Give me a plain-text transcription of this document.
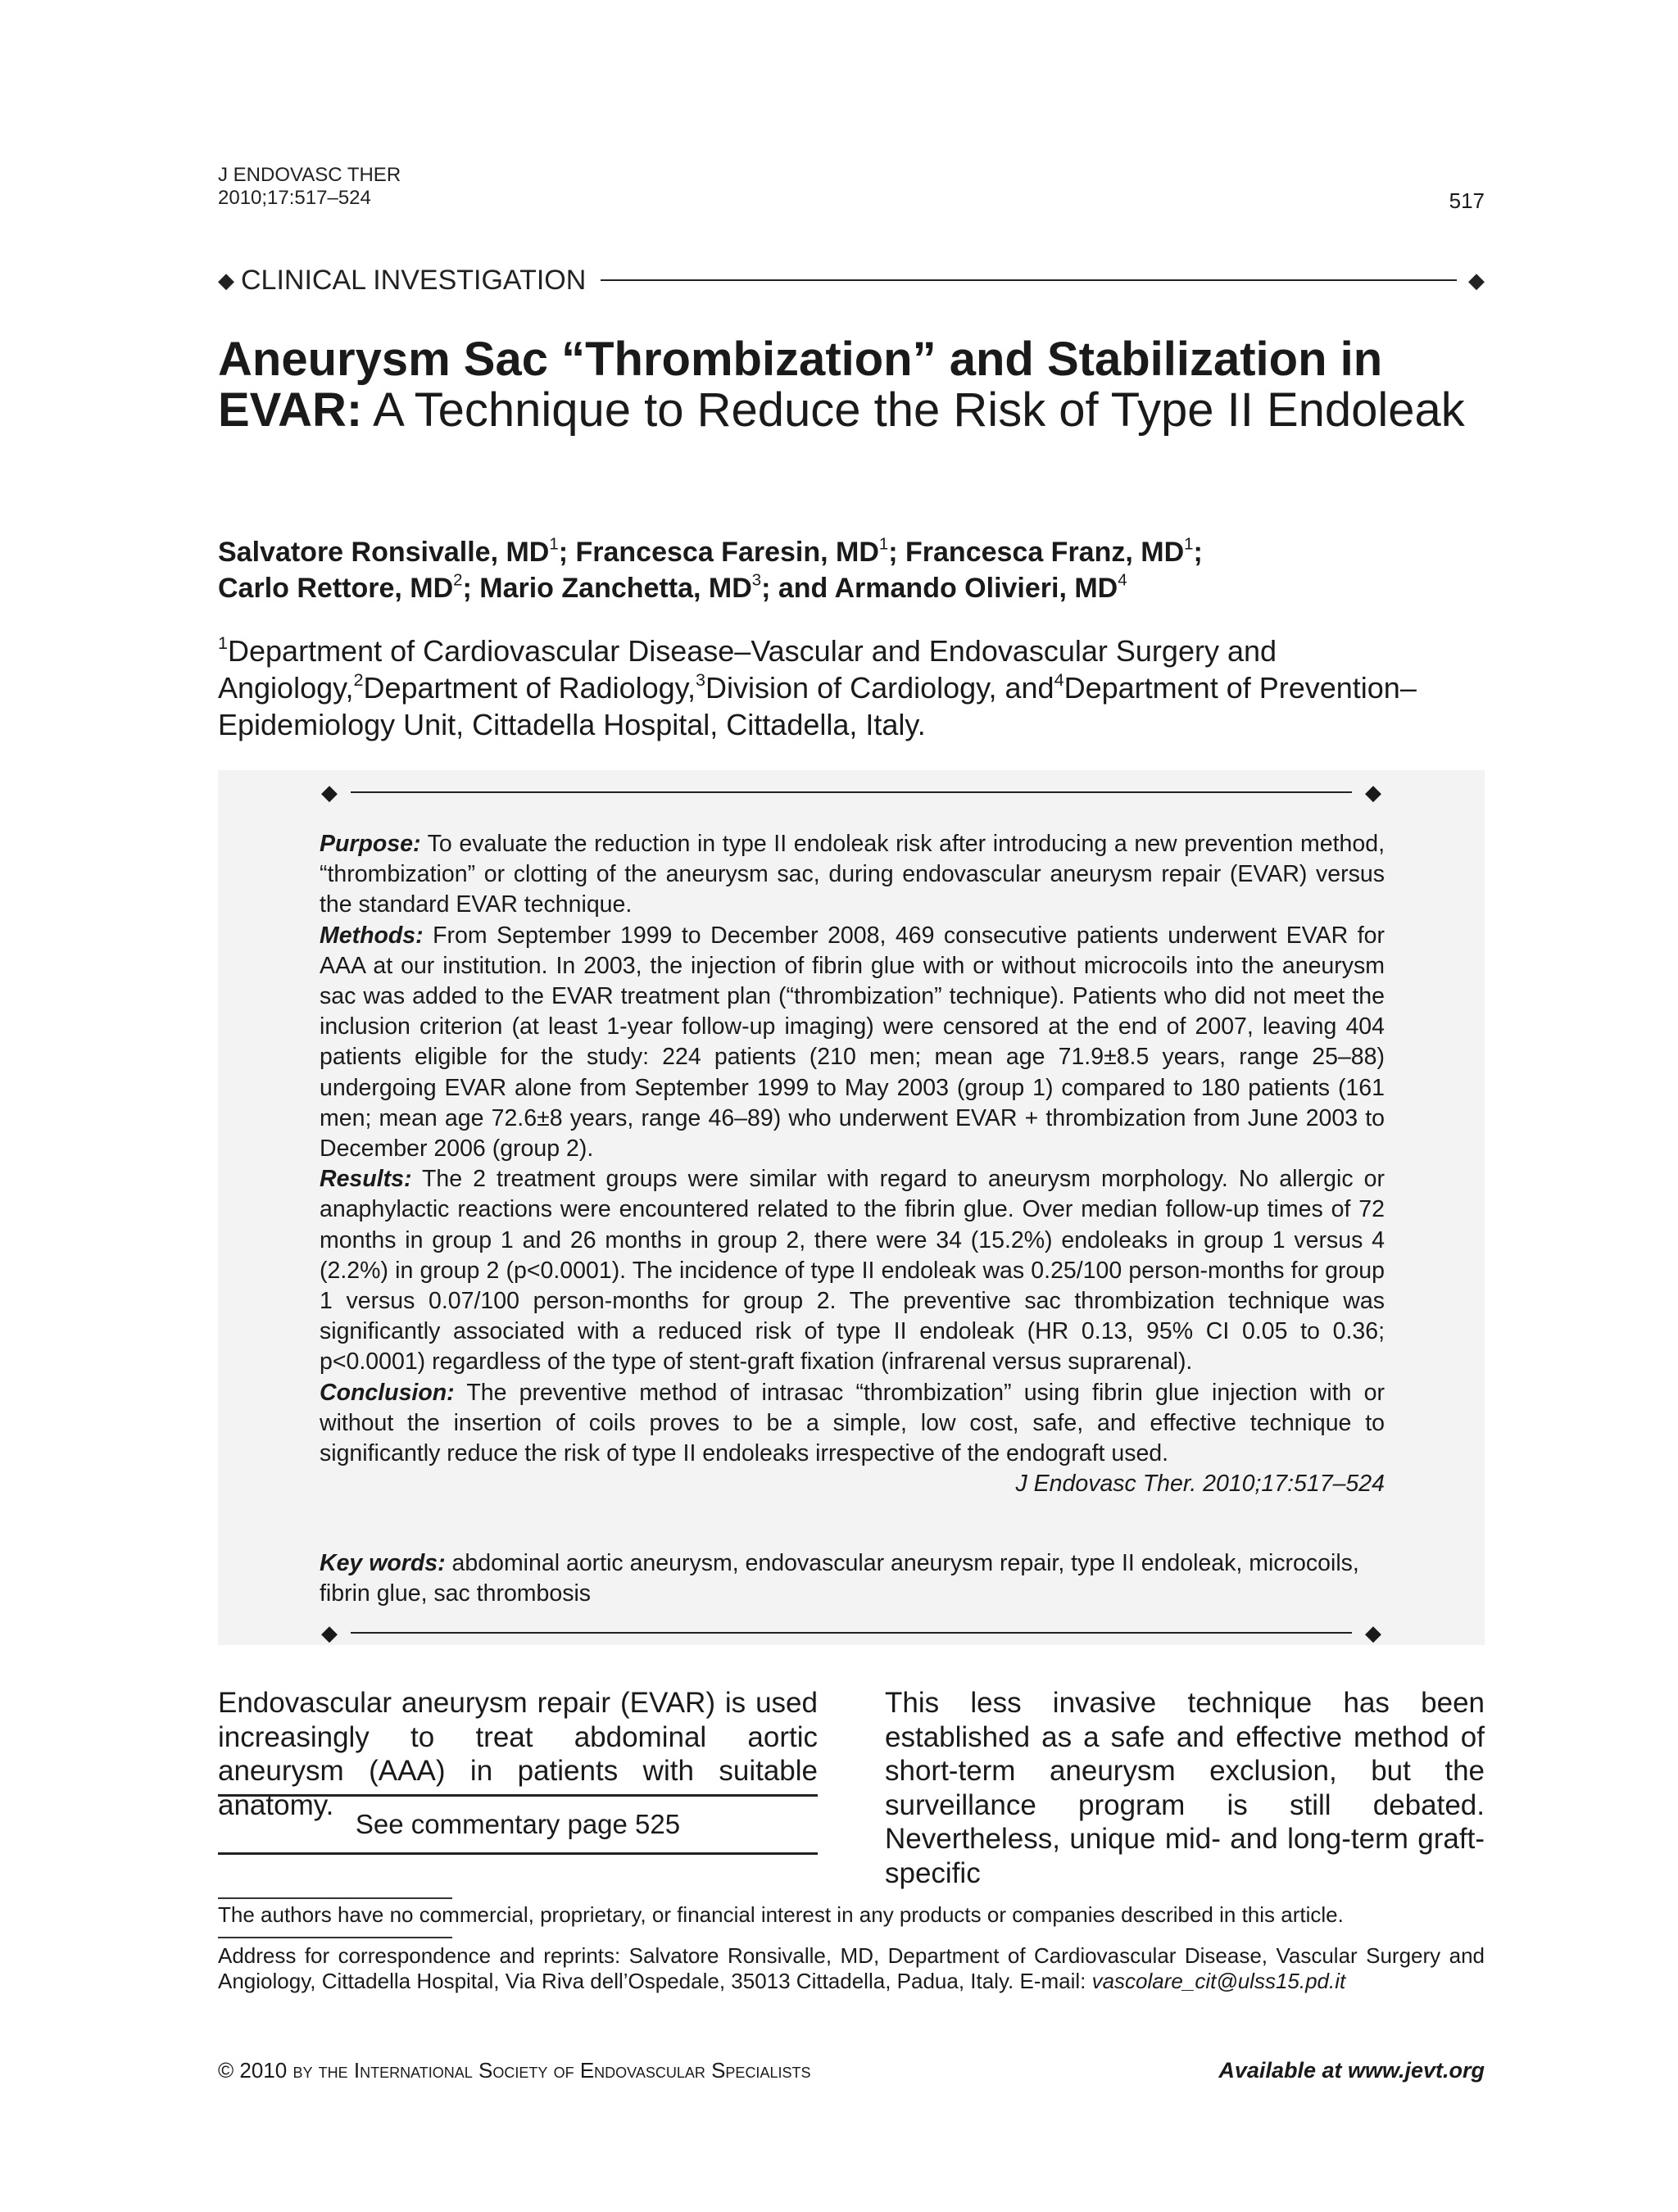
J ENDOVASC THER
2010;17:517–524	517
◆ CLINICAL INVESTIGATION	◆
Aneurysm Sac “Thrombization” and Stabilization in EVAR: A Technique to Reduce the Risk of Type II Endoleak
Salvatore Ronsivalle, $MD^1$; Francesca Faresin, $MD^1$; Francesca Franz, $MD^1$;
Carlo Rettore, $MD^2$; Mario Zanchetta, $MD^3$; and Armando Olivieri, $MD^4$
$^1$Department of Cardiovascular Disease–Vascular and Endovascular Surgery and Angiology,$^2$Department of Radiology,$^3$Division of Cardiology, and$^4$Department of Prevention–Epidemiology Unit, Cittadella Hospital, Cittadella, Italy.
◆	◆

Purpose: To evaluate the reduction in type II endoleak risk after introducing a new prevention method, “thrombization” or clotting of the aneurysm sac, during endovascular aneurysm repair (EVAR) versus the standard EVAR technique.

Methods: From September 1999 to December 2008, 469 consecutive patients underwent EVAR for AAA at our institution. In 2003, the injection of fibrin glue with or without microcoils into the aneurysm sac was added to the EVAR treatment plan (“thrombization” technique). Patients who did not meet the inclusion criterion (at least 1-year follow-up imaging) were censored at the end of 2007, leaving 404 patients eligible for the study: 224 patients (210 men; mean age 71.9±8.5 years, range 25–88) undergoing EVAR alone from September 1999 to May 2003 (group 1) compared to 180 patients (161 men; mean age 72.6±8 years, range 46–89) who underwent EVAR + thrombization from June 2003 to December 2006 (group 2).

Results: The 2 treatment groups were similar with regard to aneurysm morphology. No allergic or anaphylactic reactions were encountered related to the fibrin glue. Over median follow-up times of 72 months in group 1 and 26 months in group 2, there were 34 (15.2%) endoleaks in group 1 versus 4 (2.2%) in group 2 (p<0.0001). The incidence of type II endoleak was 0.25/100 person-months for group 1 versus 0.07/100 person-months for group 2. The preventive sac thrombization technique was significantly associated with a reduced risk of type II endoleak (HR 0.13, 95% CI 0.05 to 0.36; p<0.0001) regardless of the type of stent-graft fixation (infrarenal versus suprarenal).

Conclusion: The preventive method of intrasac “thrombization” using fibrin glue injection with or without the insertion of coils proves to be a simple, low cost, safe, and effective technique to significantly reduce the risk of type II endoleaks irrespective of the endograft used.

J Endovasc Ther. 2010;17:517–524

Key words: abdominal aortic aneurysm, endovascular aneurysm repair, type II endoleak, microcoils, fibrin glue, sac thrombosis
◆	◆
Endovascular aneurysm repair (EVAR) is used increasingly to treat abdominal aortic aneurysm (AAA) in patients with suitable anatomy.
See commentary page 525
This less invasive technique has been established as a safe and effective method of short-term aneurysm exclusion, but the surveillance program is still debated. Nevertheless, unique mid- and long-term graft-specific
The authors have no commercial, proprietary, or financial interest in any products or companies described in this article.
Address for correspondence and reprints: Salvatore Ronsivalle, MD, Department of Cardiovascular Disease, Vascular Surgery and Angiology, Cittadella Hospital, Via Riva dell’Ospedale, 35013 Cittadella, Padua, Italy. E-mail: vascolare_cit@ulss15.pd.it
© 2010 by the International Society of Endovascular Specialists	Available at www.jevt.org
